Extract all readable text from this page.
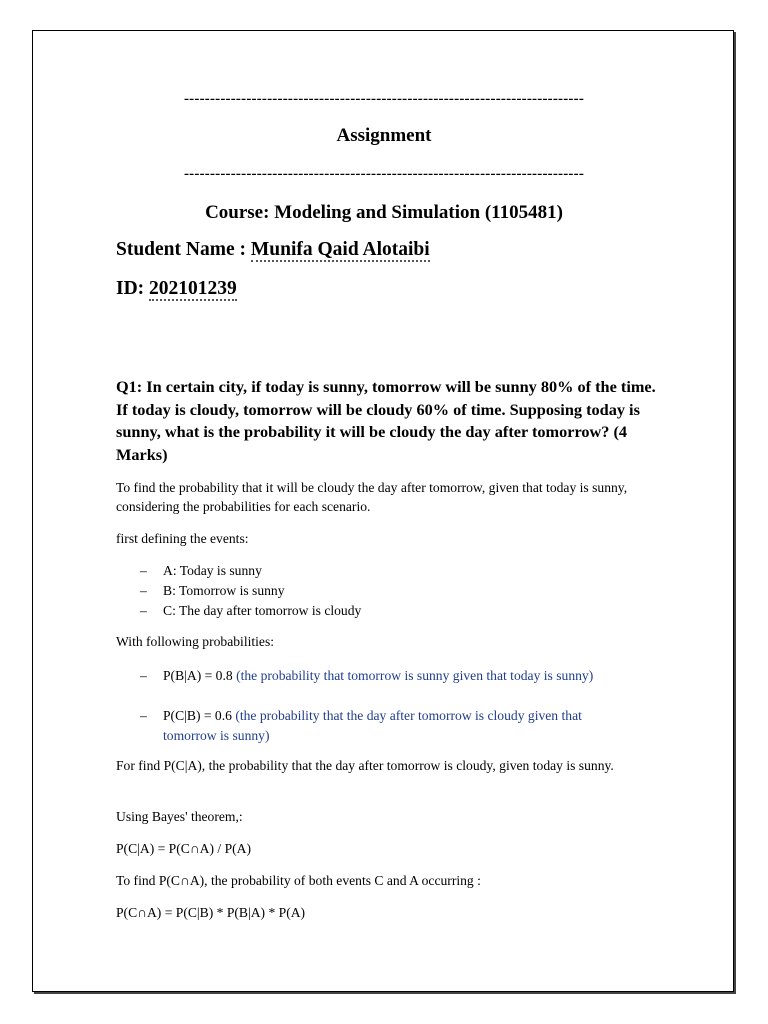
-----------------------------------------------------------------------------
Assignment
-----------------------------------------------------------------------------
Course: Modeling and Simulation (1105481)
Student Name : Munifa Qaid Alotaibi
ID: 202101239
Q1: In certain city, if today is sunny, tomorrow will be sunny 80% of the time. If today is cloudy, tomorrow will be cloudy 60% of time. Supposing today is sunny, what is the probability it will be cloudy the day after tomorrow? (4 Marks)
To find the probability that it will be cloudy the day after tomorrow, given that today is sunny, considering the probabilities for each scenario.
first defining the events:
– A: Today is sunny
– B: Tomorrow is sunny
– C: The day after tomorrow is cloudy
With following probabilities:
– P(B|A) = 0.8 (the probability that tomorrow is sunny given that today is sunny)
– P(C|B) = 0.6 (the probability that the day after tomorrow is cloudy given that tomorrow is sunny)
For find P(C|A), the probability that the day after tomorrow is cloudy, given today is sunny.
Using Bayes' theorem,:
P(C|A) = P(C∩A) / P(A)
To find P(C∩A), the probability of both events C and A occurring :
P(C∩A) = P(C|B) * P(B|A) * P(A)
